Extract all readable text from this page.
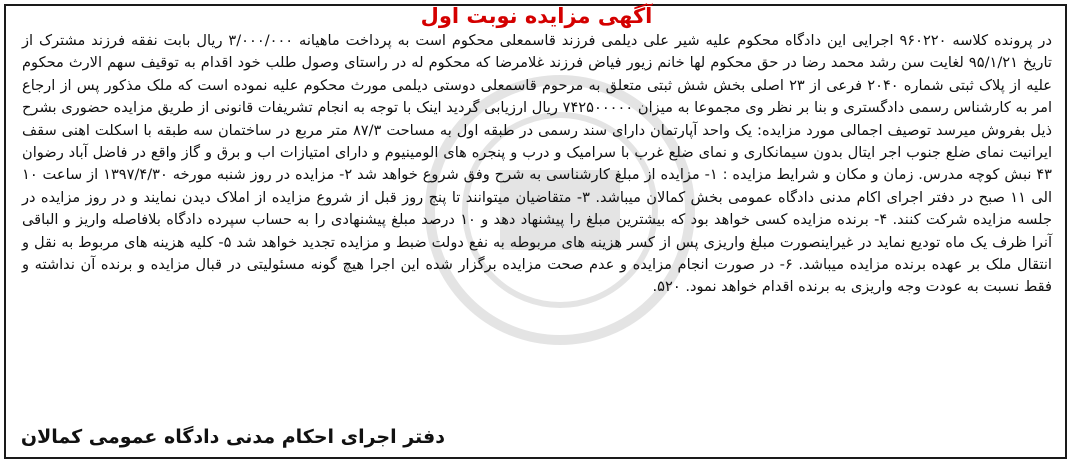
آگهی مزایده نوبت اول
در پرونده کلاسه ۹۶۰۲۲۰ اجرایی این دادگاه محکوم علیه شیر علی دیلمی فرزند قاسمعلی محکوم است به پرداخت ماهیانه ۳/۰۰۰/۰۰۰ ریال بابت نفقه فرزند مشترک از تاریخ ۹۵/۱/۲۱ لغایت سن رشد محمد رضا در حق محکوم لها خانم زیور فیاض فرزند غلامرضا که محکوم له در راستای وصول طلب خود اقدام به توقیف سهم الارث محکوم علیه از پلاک ثبتی شماره ۲۰۴۰ فرعی از ۲۳ اصلی بخش شش ثبتی متعلق به مرحوم قاسمعلی دوستی دیلمی مورث محکوم علیه نموده است که ملک مذکور پس از ارجاع امر به کارشناس رسمی دادگستری و بنا بر نظر وی مجموعا به میزان ۷۴۲۵۰۰۰۰۰ ریال ارزیابی گردید اینک با توجه به انجام تشریفات قانونی از طریق مزایده حضوری بشرح ذیل بفروش میرسد توصیف اجمالی مورد مزایده: یک واحد آپارتمان دارای سند رسمی در طبقه اول به مساحت ۸۷/۳ متر مربع در ساختمان سه طبقه با اسکلت اهنی سقف ایرانیت نمای ضلع جنوب اجر ایتال بدون سیمانکاری و نمای ضلع غرب با سرامیک و درب و پنجره های الومینیوم و دارای امتیازات اب و برق و گاز واقع در فاضل آباد رضوان ۴۳ نبش کوچه مدرس. زمان و مکان و شرایط مزایده : ۱- مزایده از مبلغ کارشناسی به شرح وفق شروع خواهد شد ۲- مزایده در روز شنبه مورخه ۱۳۹۷/۴/۳۰ از ساعت ۱۰ الی ۱۱ صبح در دفتر اجرای اکام مدنی دادگاه عمومی بخش کمالان میباشد. ۳- متقاضیان میتوانند تا پنج روز قبل از شروع مزایده از املاک دیدن نمایند و در روز مزایده در جلسه مزایده شرکت کنند. ۴- برنده مزایده کسی خواهد بود که بیشترین مبلغ را پیشنهاد دهد و ۱۰ درصد مبلغ پیشنهادی را به حساب سپرده دادگاه بلافاصله واریز و الباقی آنرا ظرف یک ماه تودیع نماید در غیراینصورت مبلغ واریزی پس از کسر هزینه های مربوطه به نفع دولت ضبط و مزایده تجدید خواهد شد ۵- کلیه هزینه های مربوط به نقل و انتقال ملک بر عهده برنده مزایده میباشد. ۶- در صورت انجام مزایده و عدم صحت مزایده برگزار شده این اجرا هیچ گونه مسئولیتی در قبال مزایده و برنده آن نداشته و فقط نسبت به عودت وجه واریزی به برنده اقدام خواهد نمود. ۵۲۰.
دفتر اجرای احکام مدنی دادگاه عمومی کمالان
